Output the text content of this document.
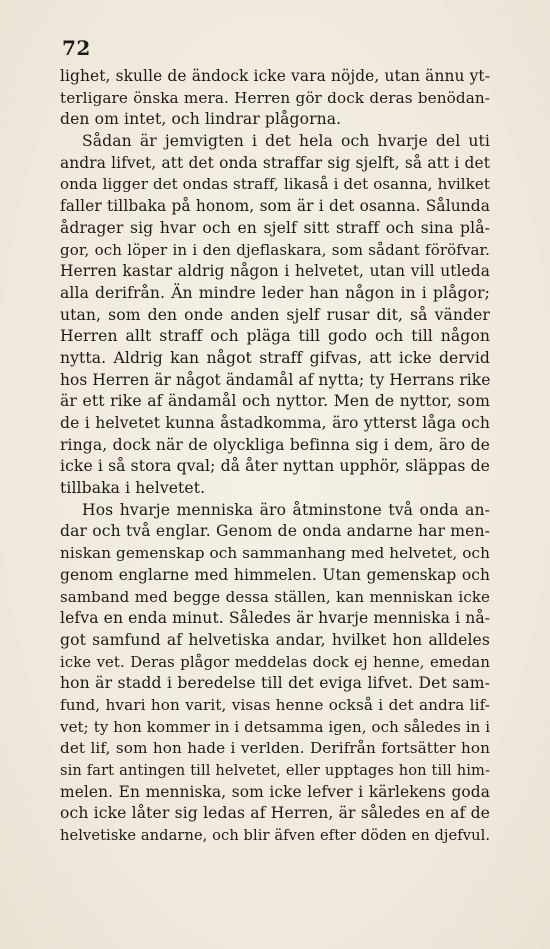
72
lighet, skulle de ändock icke vara nöjde, utan ännu yt-
terligare önska mera. Herren gör dock deras benödan-
den om intet, och lindrar plågorna.
Sådan är jemvigten i det hela och hvarje del uti
andra lifvet, att det onda straffar sig sjelft, så att i det
onda ligger det ondas straff, likaså i det osanna, hvilket
faller tillbaka på honom, som är i det osanna. Sålunda
ådrager sig hvar och en sjelf sitt straff och sina plå-
gor, och löper in i den djeflaskara, som sådant föröfvar.
Herren kastar aldrig någon i helvetet, utan vill utleda
alla derifrån. Än mindre leder han någon in i plågor;
utan, som den onde anden sjelf rusar dit, så vänder
Herren allt straff och pläga till godo och till någon
nytta. Aldrig kan något straff gifvas, att icke dervid
hos Herren är något ändamål af nytta; ty Herrans rike
är ett rike af ändamål och nyttor. Men de nyttor, som
de i helvetet kunna åstadkomma, äro ytterst låga och
ringa, dock när de olyckliga befinna sig i dem, äro de
icke i så stora qval; då åter nyttan upphör, släppas de
tillbaka i helvetet.
Hos hvarje menniska äro åtminstone två onda an-
dar och två englar. Genom de onda andarne har men-
niskan gemenskap och sammanhang med helvetet, och
genom englarne med himmelen. Utan gemenskap och
samband med begge dessa ställen, kan menniskan icke
lefva en enda minut. Således är hvarje menniska i nå-
got samfund af helvetiska andar, hvilket hon alldeles
icke vet. Deras plågor meddelas dock ej henne, emedan
hon är stadd i beredelse till det eviga lifvet. Det sam-
fund, hvari hon varit, visas henne också i det andra lif-
vet; ty hon kommer in i detsamma igen, och således in i
det lif, som hon hade i verlden. Derifrån fortsätter hon
sin fart antingen till helvetet, eller upptages hon till him-
melen. En menniska, som icke lefver i kärlekens goda
och icke låter sig ledas af Herren, är således en af de
helvetiske andarne, och blir äfven efter döden en djefvul.
